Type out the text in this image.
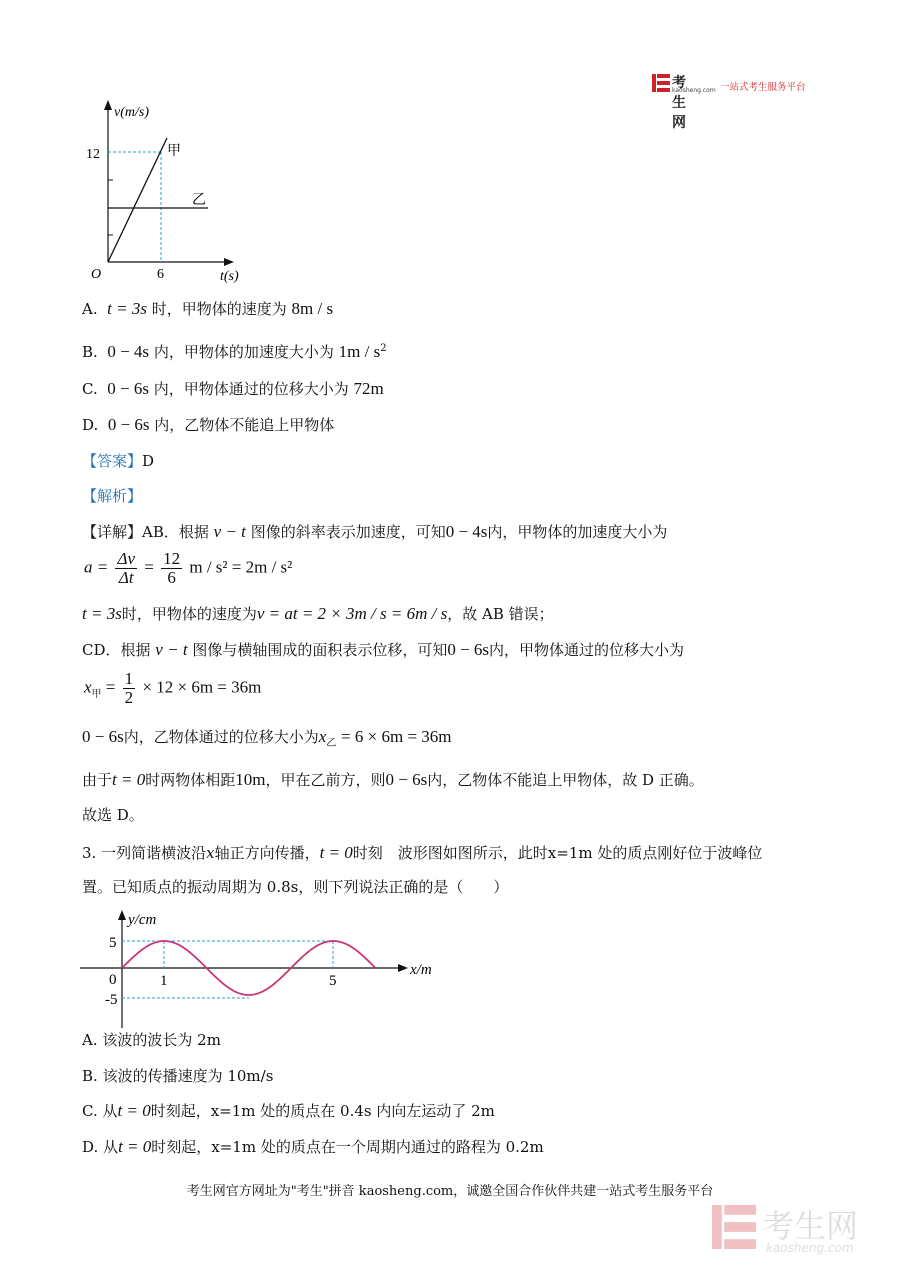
考生网
kaosheng.com 一站式考生服务平台
v(m/s)
12
6
O	t(s)
甲
乙
A. t = 3s 时，甲物体的速度为 8m / s
B. 0 − 4s 内，甲物体的加速度大小为 $1m / s^2$
C. 0 − 6s 内，甲物体通过的位移大小为 72m
D. 0 − 6s 内，乙物体不能追上甲物体
【答案】D
【解析】
【详解】AB．根据 v − t 图像的斜率表示加速度，可知0 − 4s内，甲物体的加速度大小为
$a = \frac{\Delta v}{\Delta t} = \frac{12}{6}$ m / s² = 2m / s²
t = 3s时，甲物体的速度为v = at = 2 × 3m / s = 6m / s，故 AB 错误；
CD．根据 v − t 图像与横轴围成的面积表示位移，可知0 − 6s内，甲物体通过的位移大小为
$x_甲 = \frac{1}{2} \times 12 \times 6m = 36m$
0 − 6s内，乙物体通过的位移大小为$x_乙 = 6 \times 6m = 36m$
由于t = 0时两物体相距10m，甲在乙前方，则0 − 6s内，乙物体不能追上甲物体，故 D 正确。
故选 D。
3. 一列简谐横波沿x轴正方向传播，t = 0时刻　波形图如图所示，此时x=1m 处的质点刚好位于波峰位
置。已知质点的振动周期为 0.8s，则下列说法正确的是（　　）
y/cm
5
0
-5
1	5
x/m
A. 该波的波长为 2m
B. 该波的传播速度为 10m/s
C. 从t = 0时刻起，x=1m 处的质点在 0.4s 内向左运动了 2m
D. 从t = 0时刻起，x=1m 处的质点在一个周期内通过的路程为 0.2m
考生网官方网址为"考生"拼音 kaosheng.com，诚邀全国合作伙伴共建一站式考生服务平台
考生网
kaosheng.com
